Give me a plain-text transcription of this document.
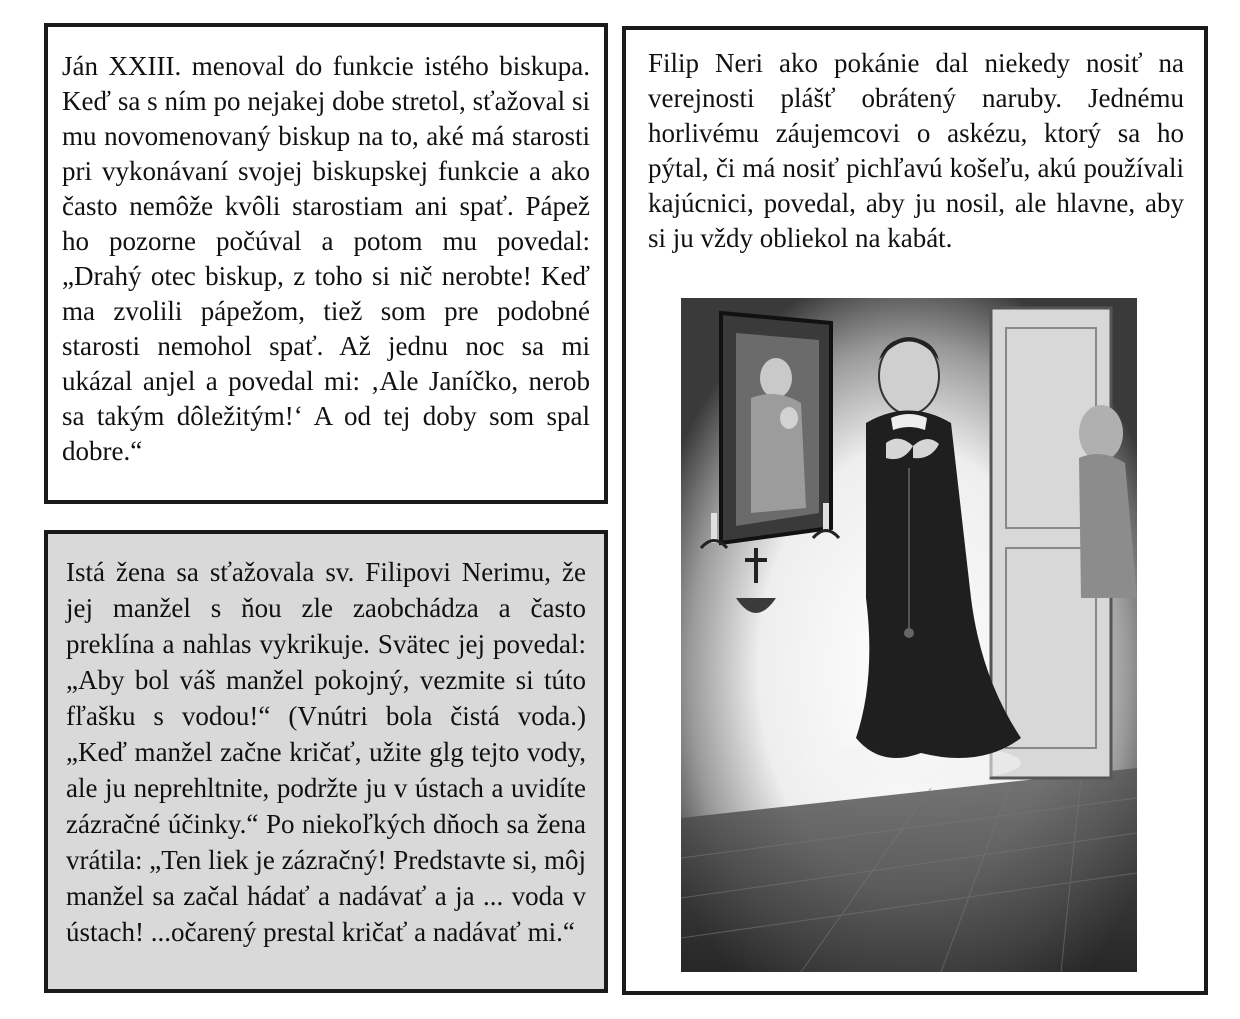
Ján XXIII. menoval do funkcie istého biskupa. Keď sa s ním po nejakej dobe stretol, sťažoval si mu novomenovaný biskup na to, aké má starosti pri vykonávaní svojej biskupskej funkcie a ako často nemôže kvôli starostiam ani spať. Pápež ho pozorne počúval a potom mu povedal: „Drahý otec biskup, z toho si nič nerobte! Keď ma zvolili pápežom, tiež som pre podobné starosti nemohol spať. Až jednu noc sa mi ukázal anjel a povedal mi: ‚Ale Janíčko, nerob sa takým dôležitým!‘ A od tej doby som spal dobre.“

Istá žena sa sťažovala sv. Filipovi Nerimu, že jej manžel s ňou zle zaobchádza a často preklína a nahlas vykrikuje. Svätec jej povedal: „Aby bol váš manžel pokojný, vezmite si túto fľašku s vodou!“ (Vnútri bola čistá voda.) „Keď manžel začne kričať, užite glg tejto vody, ale ju neprehltnite, podržte ju v ústach a uvidíte zázračné účinky.“ Po niekoľkých dňoch sa žena vrátila: „Ten liek je zázračný! Predstavte si, môj manžel sa začal hádať a nadávať a ja ... voda v ústach! ...očarený prestal kričať a nadávať mi.“

Filip Neri ako pokánie dal niekedy nosiť na verejnosti plášť obrátený naruby. Jednému horlivému záujemcovi o askézu, ktorý sa ho pýtal, či má nosiť pichľavú košeľu, akú používali kajúcnici, povedal, aby ju nosil, ale hlavne, aby si ju vždy obliekol na kabát.
